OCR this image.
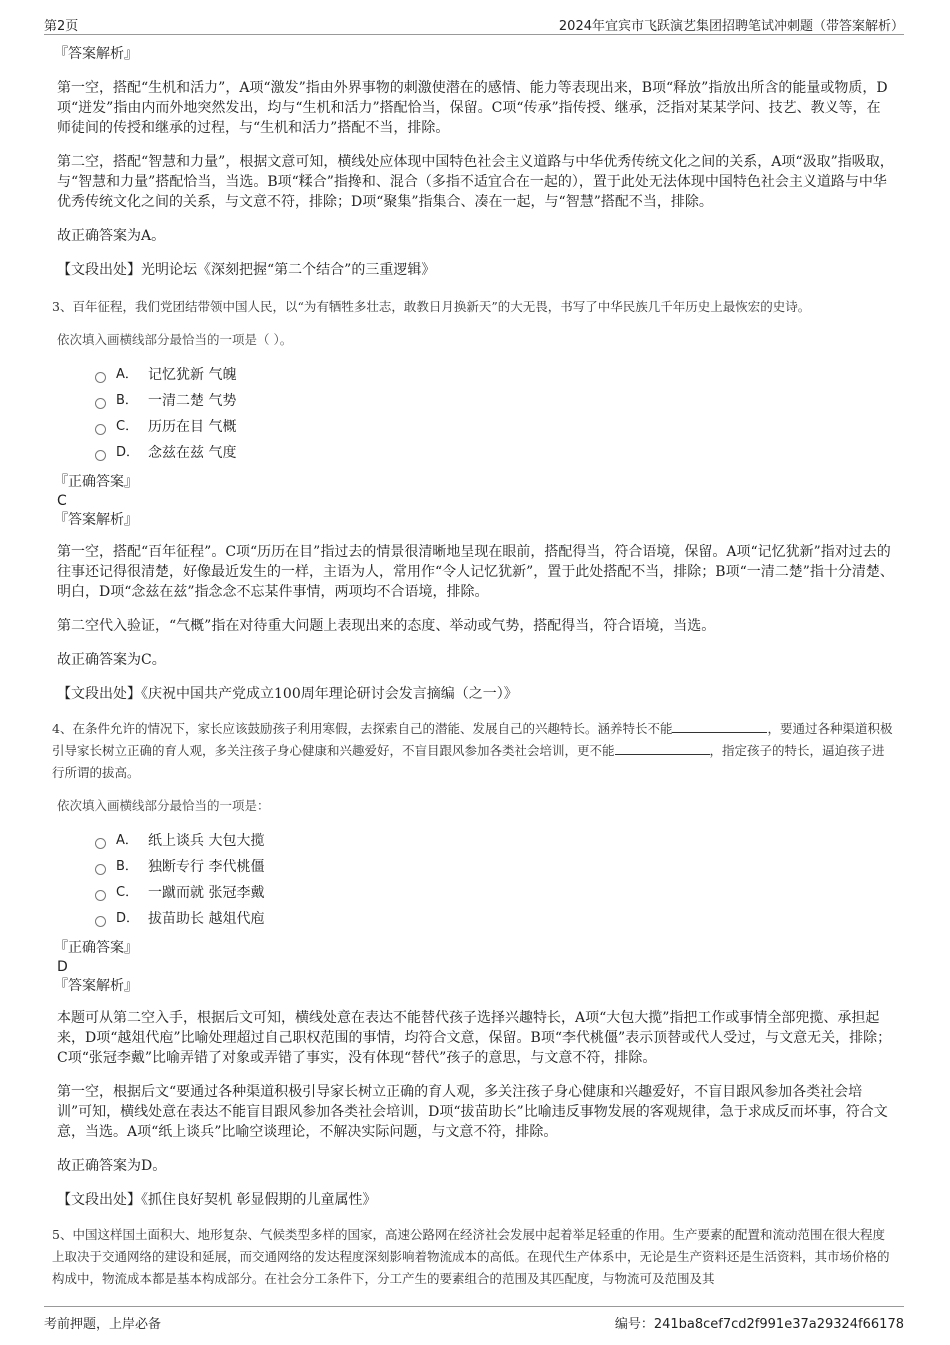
第2页	2024年宜宾市飞跃演艺集团招聘笔试冲刺题（带答案解析）

『答案解析』

第一空，搭配“生机和活力”，A项“激发”指由外界事物的刺激使潜在的感情、能力等表现出来，B项“释放”指放出所含的能量或物质，D项“迸发”指由内而外地突然发出，均与“生机和活力”搭配恰当，保留。C项“传承”指传授、继承，泛指对某某学问、技艺、教义等，在师徒间的传授和继承的过程，与“生机和活力”搭配不当，排除。

第二空，搭配“智慧和力量”，根据文意可知，横线处应体现中国特色社会主义道路与中华优秀传统文化之间的关系，A项“汲取”指吸取，与“智慧和力量”搭配恰当，当选。B项“糅合”指搀和、混合（多指不适宜合在一起的），置于此处无法体现中国特色社会主义道路与中华优秀传统文化之间的关系，与文意不符，排除；D项“聚集”指集合、凑在一起，与“智慧”搭配不当，排除。

故正确答案为A。

【文段出处】光明论坛《深刻把握“第二个结合”的三重逻辑》

3、百年征程，我们党团结带领中国人民，以“为有牺牲多壮志，敢教日月换新天”的大无畏，书写了中华民族几千年历史上最恢宏的史诗。

依次填入画横线部分最恰当的一项是（ ）。

A． 记忆犹新 气魄
B． 一清二楚 气势
C． 历历在目 气概
D． 念兹在兹 气度

『正确答案』

C

『答案解析』

第一空，搭配“百年征程”。C项“历历在目”指过去的情景很清晰地呈现在眼前，搭配得当，符合语境，保留。A项“记忆犹新”指对过去的往事还记得很清楚，好像最近发生的一样，主语为人，常用作“令人记忆犹新”，置于此处搭配不当，排除；B项“一清二楚”指十分清楚、明白，D项“念兹在兹”指念念不忘某件事情，两项均不合语境，排除。

第二空代入验证，“气概”指在对待重大问题上表现出来的态度、举动或气势，搭配得当，符合语境，当选。

故正确答案为C。

【文段出处】《庆祝中国共产党成立100周年理论研讨会发言摘编（之一）》

4、在条件允许的情况下，家长应该鼓励孩子利用寒假，去探索自己的潜能、发展自己的兴趣特长。涵养特长不能	，要通过各种渠道积极引导家长树立正确的育人观，多关注孩子身心健康和兴趣爱好，不盲目跟风参加各类社会培训，更不能	，指定孩子的特长，逼迫孩子进行所谓的拔高。

依次填入画横线部分最恰当的一项是：

A． 纸上谈兵 大包大揽
B． 独断专行 李代桃僵
C． 一蹴而就 张冠李戴
D． 拔苗助长 越俎代庖

『正确答案』

D

『答案解析』

本题可从第二空入手，根据后文可知，横线处意在表达不能替代孩子选择兴趣特长，A项“大包大揽”指把工作或事情全部兜揽、承担起来，D项“越俎代庖”比喻处理超过自己职权范围的事情，均符合文意，保留。B项“李代桃僵”表示顶替或代人受过，与文意无关，排除；C项“张冠李戴”比喻弄错了对象或弄错了事实，没有体现“替代”孩子的意思，与文意不符，排除。

第一空，根据后文“要通过各种渠道积极引导家长树立正确的育人观，多关注孩子身心健康和兴趣爱好，不盲目跟风参加各类社会培训”可知，横线处意在表达不能盲目跟风参加各类社会培训，D项“拔苗助长”比喻违反事物发展的客观规律，急于求成反而坏事，符合文意，当选。A项“纸上谈兵”比喻空谈理论，不解决实际问题，与文意不符，排除。

故正确答案为D。

【文段出处】《抓住良好契机 彰显假期的儿童属性》

5、中国这样国土面积大、地形复杂、气候类型多样的国家，高速公路网在经济社会发展中起着举足轻重的作用。生产要素的配置和流动范围在很大程度上取决于交通网络的建设和延展，而交通网络的发达程度深刻影响着物流成本的高低。在现代生产体系中，无论是生产资料还是生活资料，其市场价格的构成中，物流成本都是基本构成部分。在社会分工条件下，分工产生的要素组合的范围及其匹配度，与物流可及范围及其

考前押题，上岸必备	编号：241ba8cef7cd2f991e37a29324f66178
